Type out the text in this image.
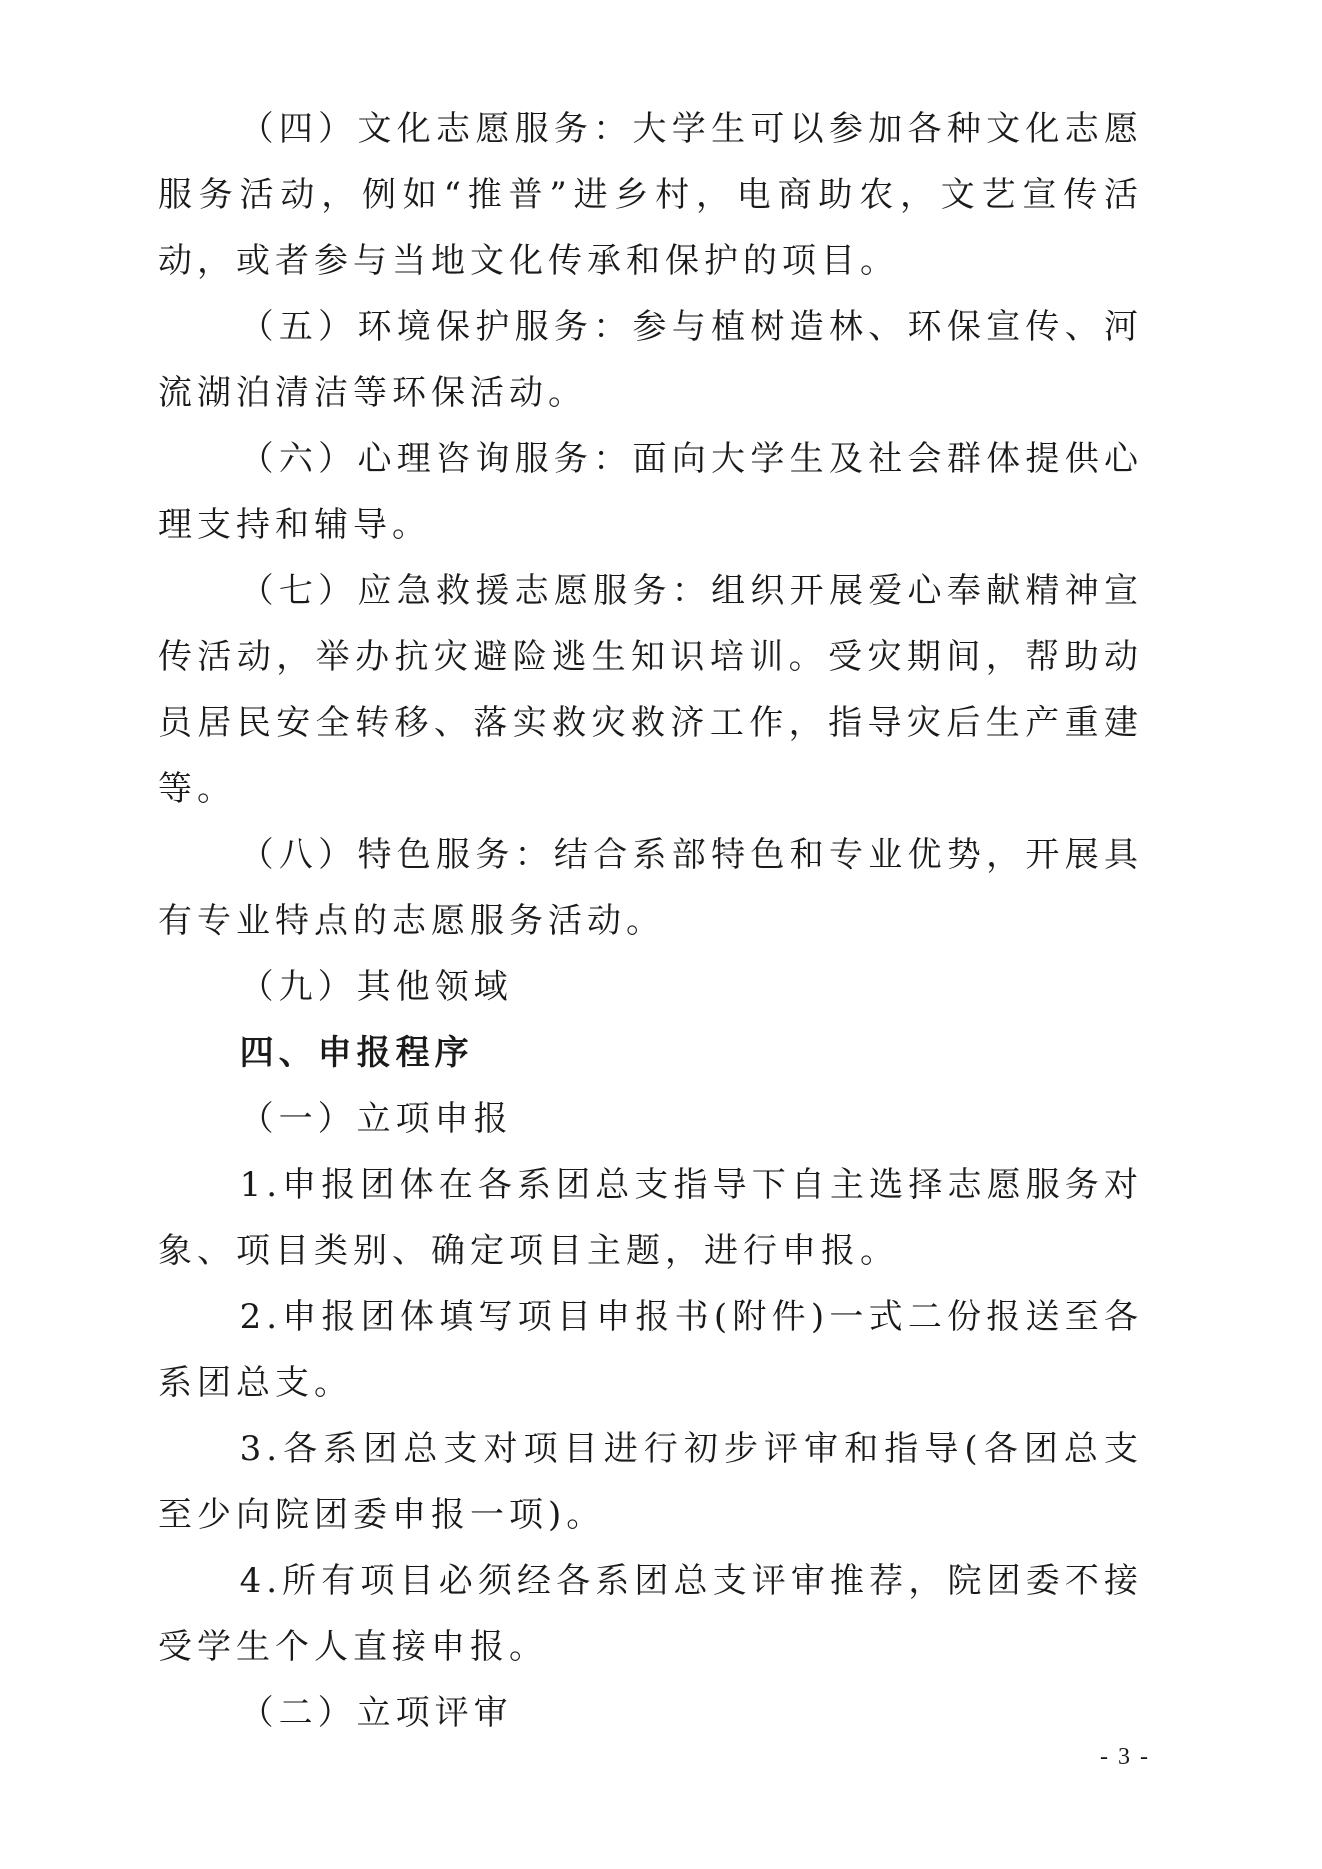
（四）文化志愿服务：大学生可以参加各种文化志愿服务活动，例如“推普”进乡村，电商助农，文艺宣传活动，或者参与当地文化传承和保护的项目。

（五）环境保护服务：参与植树造林、环保宣传、河流湖泊清洁等环保活动。

（六）心理咨询服务：面向大学生及社会群体提供心理支持和辅导。

（七）应急救援志愿服务：组织开展爱心奉献精神宣传活动，举办抗灾避险逃生知识培训。受灾期间，帮助动员居民安全转移、落实救灾救济工作，指导灾后生产重建等。

（八）特色服务：结合系部特色和专业优势，开展具有专业特点的志愿服务活动。

（九）其他领域

四、申报程序

（一）立项申报

1.申报团体在各系团总支指导下自主选择志愿服务对象、项目类别、确定项目主题，进行申报。

2.申报团体填写项目申报书(附件)一式二份报送至各系团总支。

3.各系团总支对项目进行初步评审和指导(各团总支至少向院团委申报一项)。

4.所有项目必须经各系团总支评审推荐，院团委不接受学生个人直接申报。

（二）立项评审

- 3 -
